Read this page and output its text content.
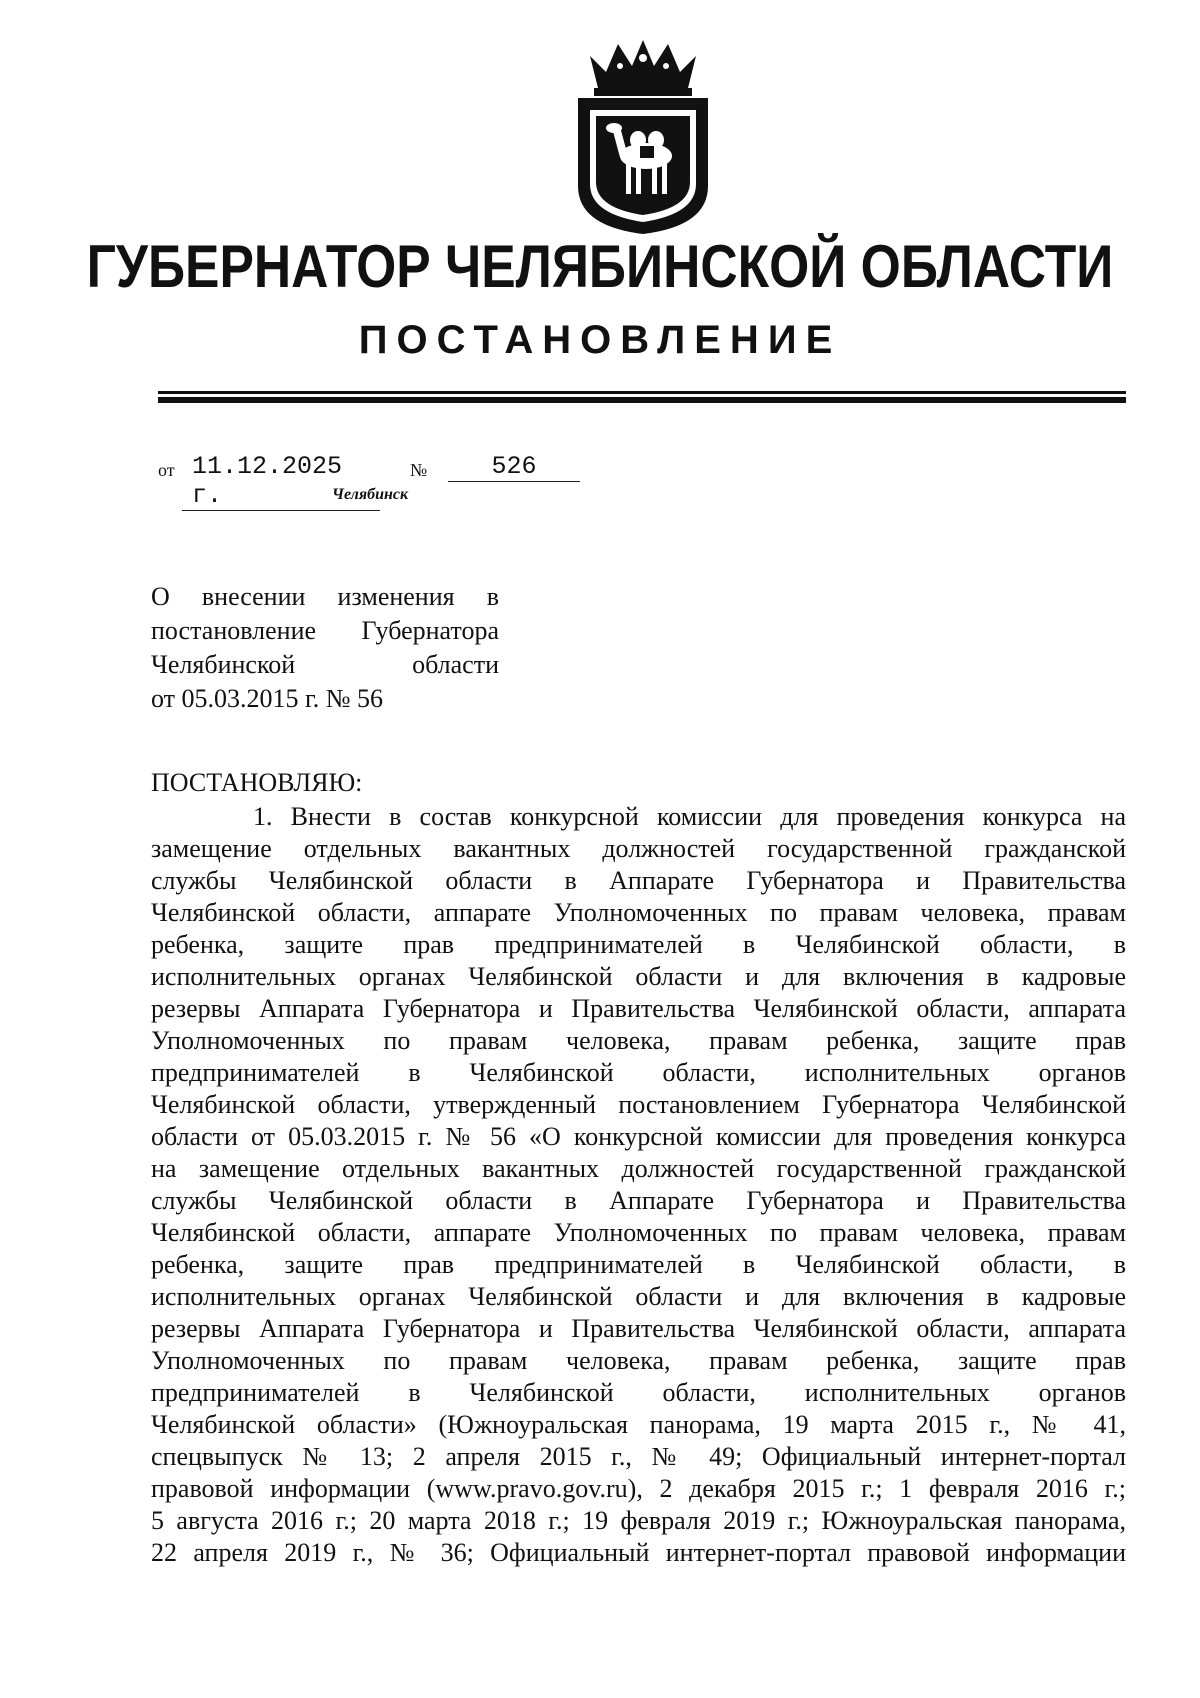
ГУБЕРНАТОР ЧЕЛЯБИНСКОЙ ОБЛАСТИ
ПОСТАНОВЛЕНИЕ
от 11.12.2025 г.
№	526
Челябинск
О внесении изменения в
постановление Губернатора
Челябинской области
от 05.03.2015 г. № 56
ПОСТАНОВЛЯЮ:
1. Внести в состав конкурсной комиссии для проведения конкурса на
замещение отдельных вакантных должностей государственной гражданской
службы Челябинской области в Аппарате Губернатора и Правительства
Челябинской области, аппарате Уполномоченных по правам человека, правам
ребенка, защите прав предпринимателей в Челябинской области, в
исполнительных органах Челябинской области и для включения в кадровые
резервы Аппарата Губернатора и Правительства Челябинской области, аппарата
Уполномоченных по правам человека, правам ребенка, защите прав
предпринимателей в Челябинской области, исполнительных органов
Челябинской области, утвержденный постановлением Губернатора Челябинской
области от 05.03.2015 г. № 56 «О конкурсной комиссии для проведения конкурса
на замещение отдельных вакантных должностей государственной гражданской
службы Челябинской области в Аппарате Губернатора и Правительства
Челябинской области, аппарате Уполномоченных по правам человека, правам
ребенка, защите прав предпринимателей в Челябинской области, в
исполнительных органах Челябинской области и для включения в кадровые
резервы Аппарата Губернатора и Правительства Челябинской области, аппарата
Уполномоченных по правам человека, правам ребенка, защите прав
предпринимателей в Челябинской области, исполнительных органов
Челябинской области» (Южноуральская панорама, 19 марта 2015 г., № 41,
спецвыпуск № 13; 2 апреля 2015 г., № 49; Официальный интернет-портал
правовой информации (www.pravo.gov.ru), 2 декабря 2015 г.; 1 февраля 2016 г.;
5 августа 2016 г.; 20 марта 2018 г.; 19 февраля 2019 г.; Южноуральская панорама,
22 апреля 2019 г., № 36; Официальный интернет-портал правовой информации
